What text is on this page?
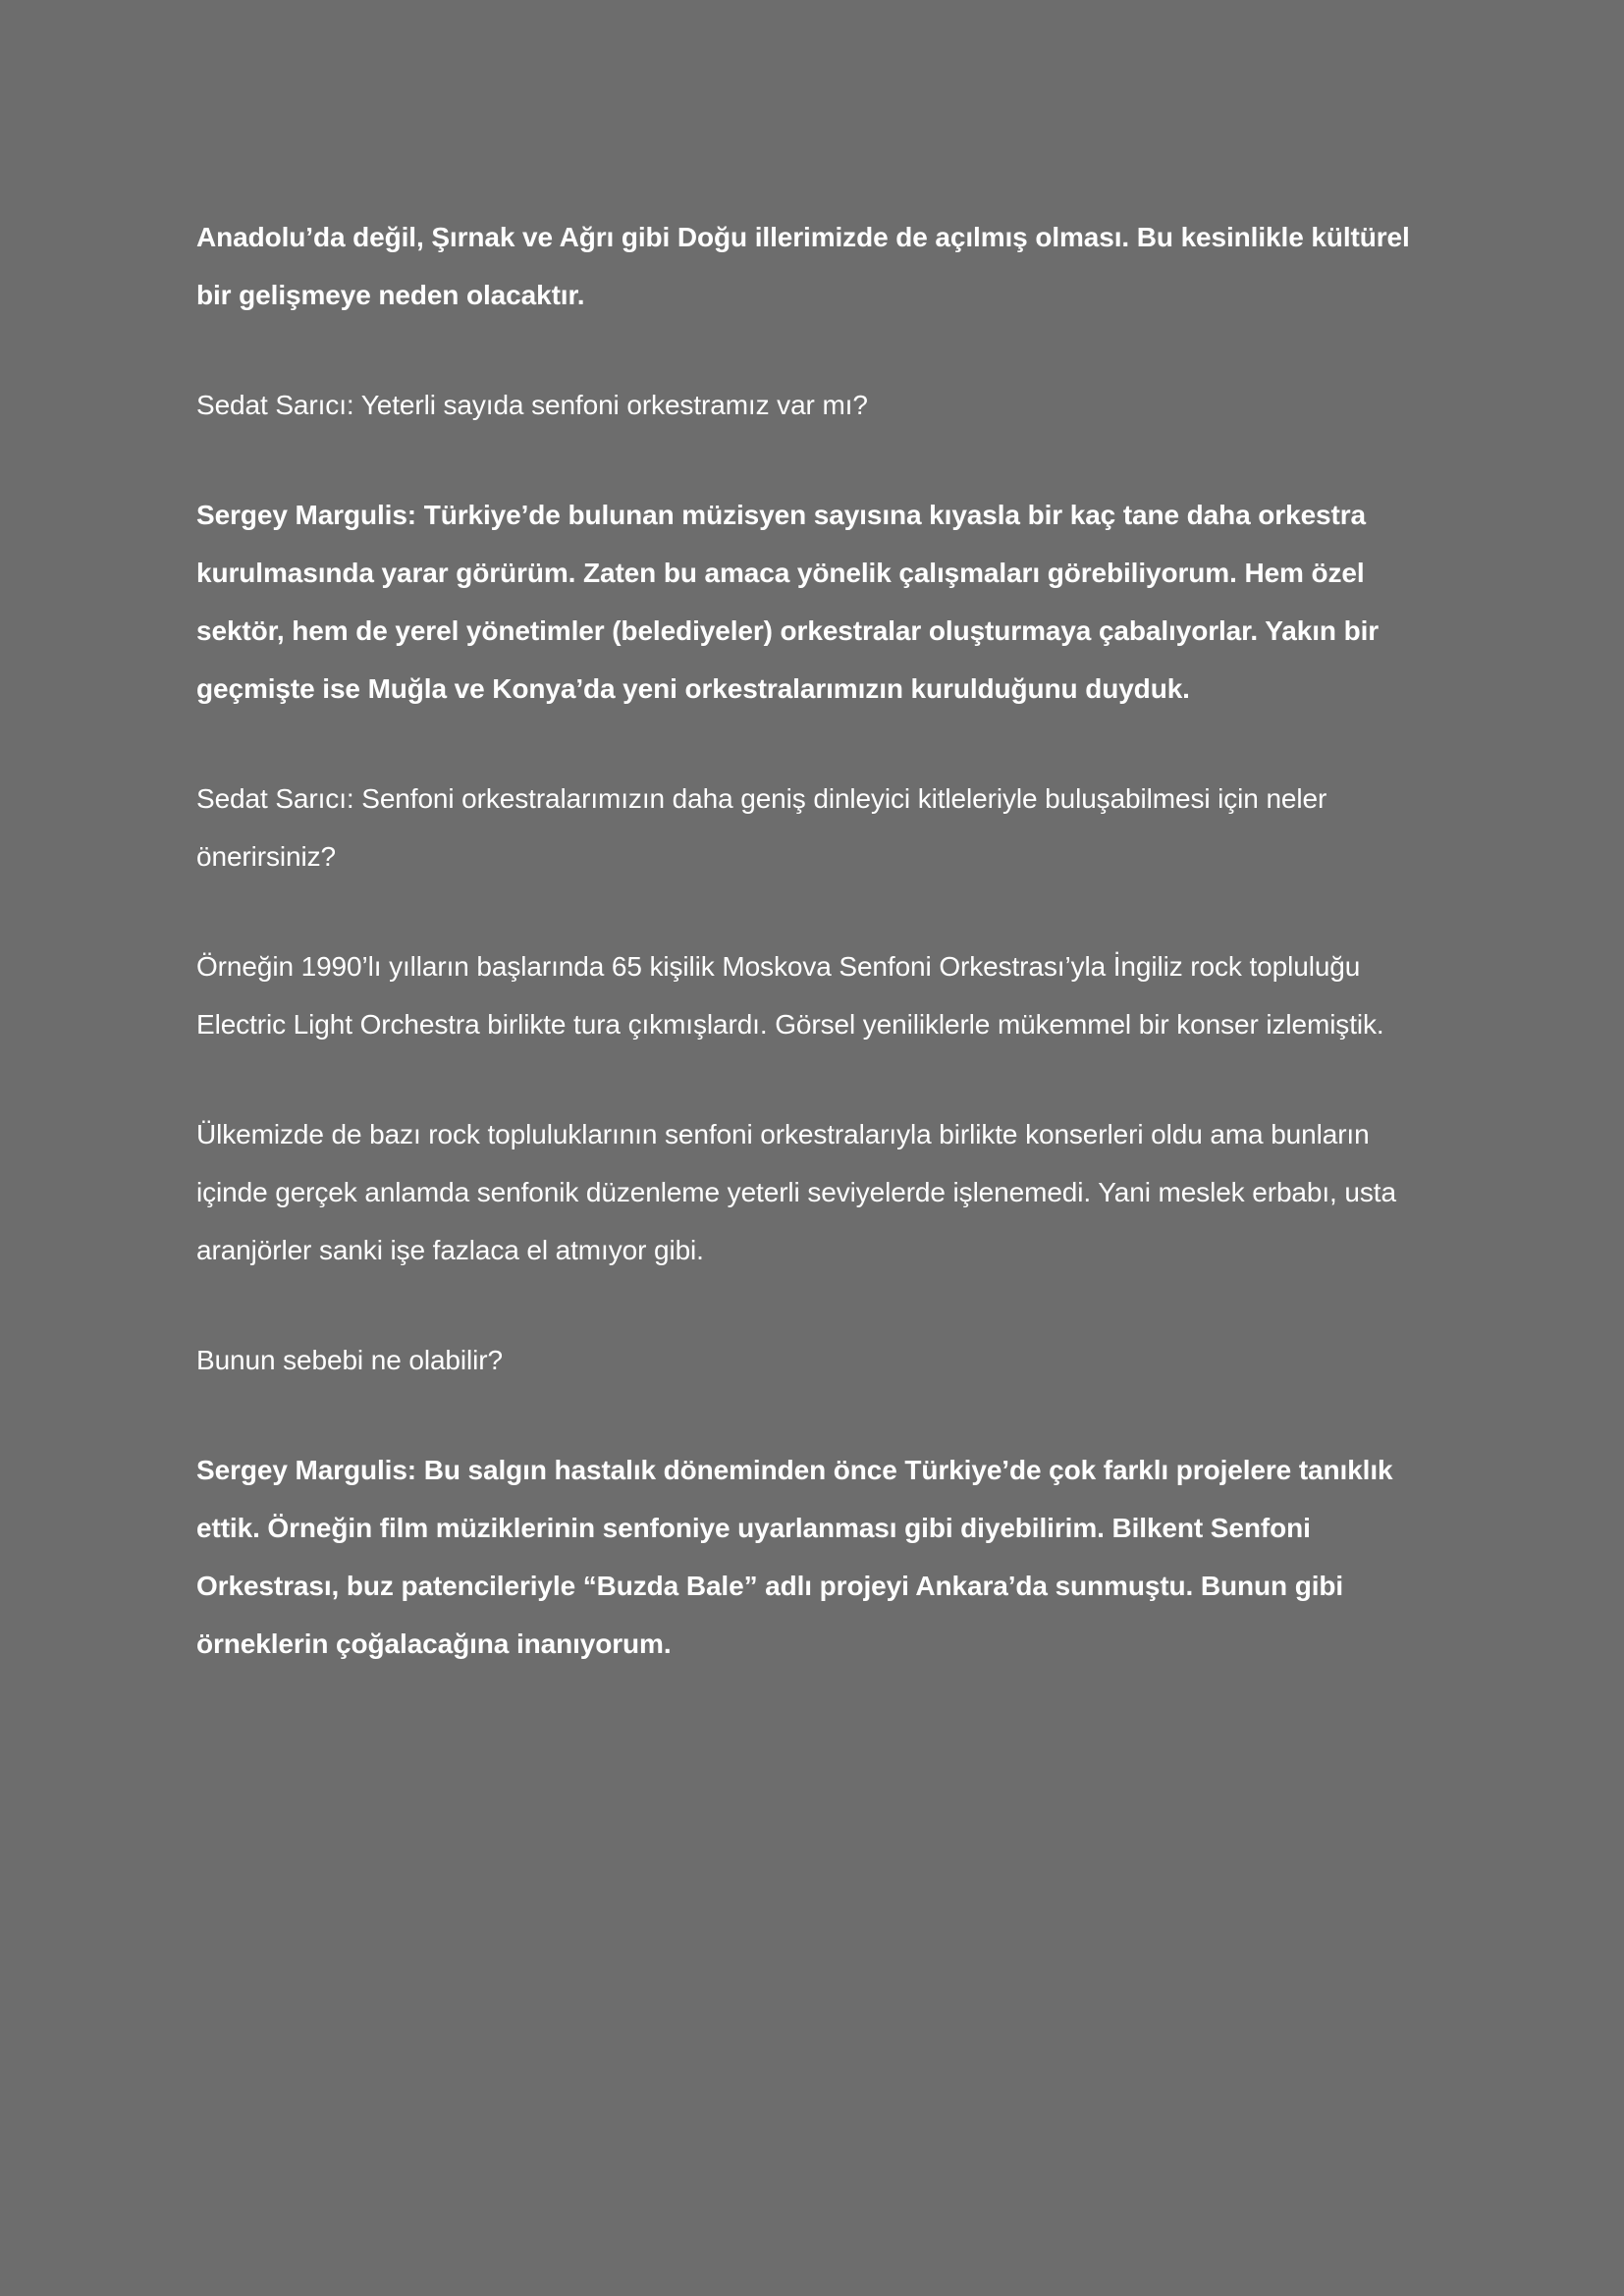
Anadolu’da değil, Şırnak ve Ağrı gibi Doğu illerimizde de açılmış olması. Bu kesinlikle kültürel bir gelişmeye neden olacaktır.

Sedat Sarıcı: Yeterli sayıda senfoni orkestramız var mı?

Sergey Margulis: Türkiye’de bulunan müzisyen sayısına kıyasla bir kaç tane daha orkestra kurulmasında yarar görürüm. Zaten bu amaca yönelik çalışmaları görebiliyorum. Hem özel sektör, hem de yerel yönetimler (belediyeler) orkestralar oluşturmaya çabalıyorlar. Yakın bir geçmişte ise Muğla ve Konya’da yeni orkestralarımızın kurulduğunu duyduk.

Sedat Sarıcı: Senfoni orkestralarımızın daha geniş dinleyici kitleleriyle buluşabilmesi için neler önerirsiniz?

Örneğin 1990’lı yılların başlarında 65 kişilik Moskova Senfoni Orkestrası’yla İngiliz rock topluluğu Electric Light Orchestra birlikte tura çıkmışlardı. Görsel yeniliklerle mükemmel bir konser izlemiştik.

Ülkemizde de bazı rock topluluklarının senfoni orkestralarıyla birlikte konserleri oldu ama bunların içinde gerçek anlamda senfonik düzenleme yeterli seviyelerde işlenemedi. Yani meslek erbabı, usta aranjörler sanki işe fazlaca el atmıyor gibi.

Bunun sebebi ne olabilir?

Sergey Margulis: Bu salgın hastalık döneminden önce Türkiye’de çok farklı projelere tanıklık ettik. Örneğin film müziklerinin senfoniye uyarlanması gibi diyebilirim. Bilkent Senfoni Orkestrası, buz patencileriyle “Buzda Bale” adlı projeyi Ankara’da sunmuştu. Bunun gibi örneklerin çoğalacağına inanıyorum.
